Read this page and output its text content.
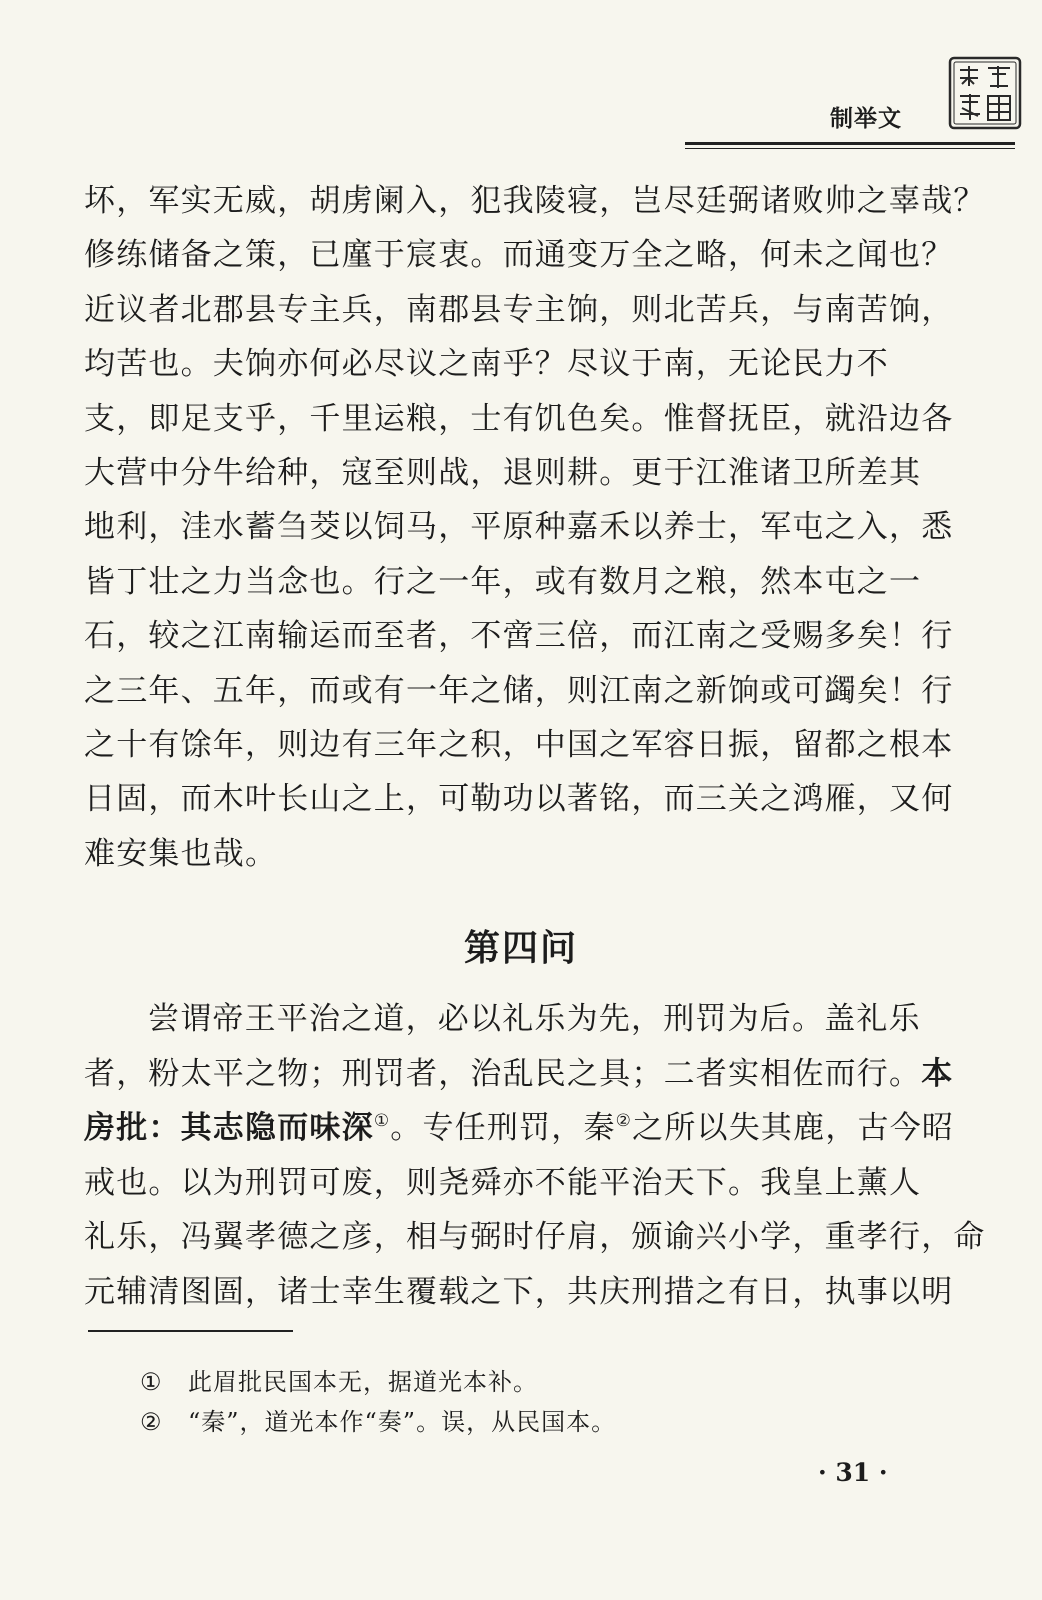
制举文
坏，军实无威，胡虏阑入，犯我陵寝，岂尽廷弼诸败帅之辜哉？
修练储备之策，已廑于宸衷。而通变万全之略，何未之闻也？
近议者北郡县专主兵，南郡县专主饷，则北苦兵，与南苦饷，
均苦也。夫饷亦何必尽议之南乎？尽议于南，无论民力不
支，即足支乎，千里运粮，士有饥色矣。惟督抚臣，就沿边各
大营中分牛给种，寇至则战，退则耕。更于江淮诸卫所差其
地利，洼水蓄刍茭以饲马，平原种嘉禾以养士，军屯之入，悉
皆丁壮之力当念也。行之一年，或有数月之粮，然本屯之一
石，较之江南输运而至者，不啻三倍，而江南之受赐多矣！行
之三年、五年，而或有一年之储，则江南之新饷或可蠲矣！行
之十有馀年，则边有三年之积，中国之军容日振，留都之根本
日固，而木叶长山之上，可勒功以著铭，而三关之鸿雁，又何
难安集也哉。
第四问
尝谓帝王平治之道，必以礼乐为先，刑罚为后。盖礼乐
者，粉太平之物；刑罚者，治乱民之具；二者实相佐而行。本
房批：其志隐而味深①。专任刑罚，秦②之所以失其鹿，古今昭
戒也。以为刑罚可废，则尧舜亦不能平治天下。我皇上薰人
礼乐，冯翼孝德之彦，相与弼时仔肩，颁谕兴小学，重孝行，命
元辅清图圄，诸士幸生覆载之下，共庆刑措之有日，执事以明
① 此眉批民国本无，据道光本补。
② “秦”，道光本作“奏”。误，从民国本。
· 31 ·
